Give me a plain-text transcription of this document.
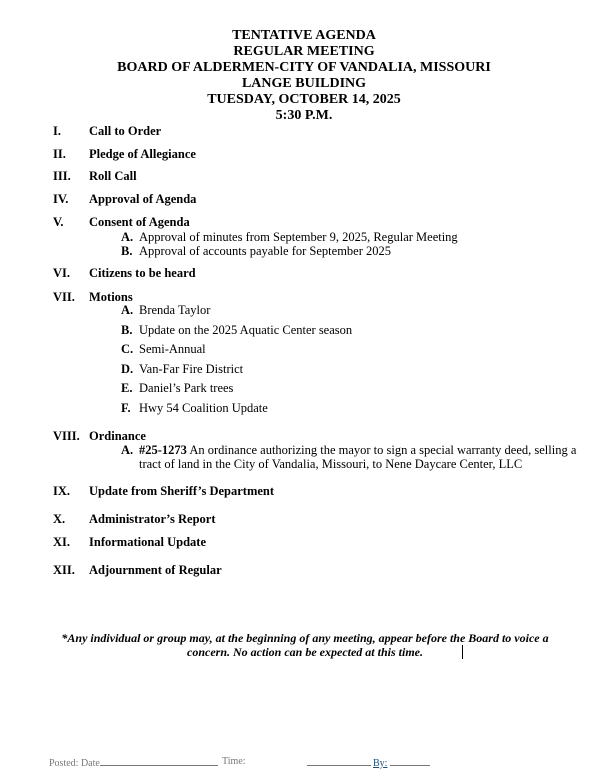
TENTATIVE AGENDA
REGULAR MEETING
BOARD OF ALDERMEN-CITY OF VANDALIA, MISSOURI
LANGE BUILDING
TUESDAY, OCTOBER 14, 2025
5:30 P.M.
I. Call to Order
II. Pledge of Allegiance
III. Roll Call
IV. Approval of Agenda
V. Consent of Agenda
A. Approval of minutes from September 9, 2025, Regular Meeting
B. Approval of accounts payable for September 2025
VI. Citizens to be heard
VII. Motions
A. Brenda Taylor
B. Update on the 2025 Aquatic Center season
C. Semi-Annual
D. Van-Far Fire District
E. Daniel’s Park trees
F. Hwy 54 Coalition Update
VIII. Ordinance
A. #25-1273 An ordinance authorizing the mayor to sign a special warranty deed, selling a
tract of land in the City of Vandalia, Missouri, to Nene Daycare Center, LLC
IX. Update from Sheriff’s Department
X. Administrator’s Report
XI. Informational Update
XII. Adjournment of Regular
*Any individual or group may, at the beginning of any meeting, appear before the Board to voice a
concern. No action can be expected at this time.
Posted: Date	Time:	By:
